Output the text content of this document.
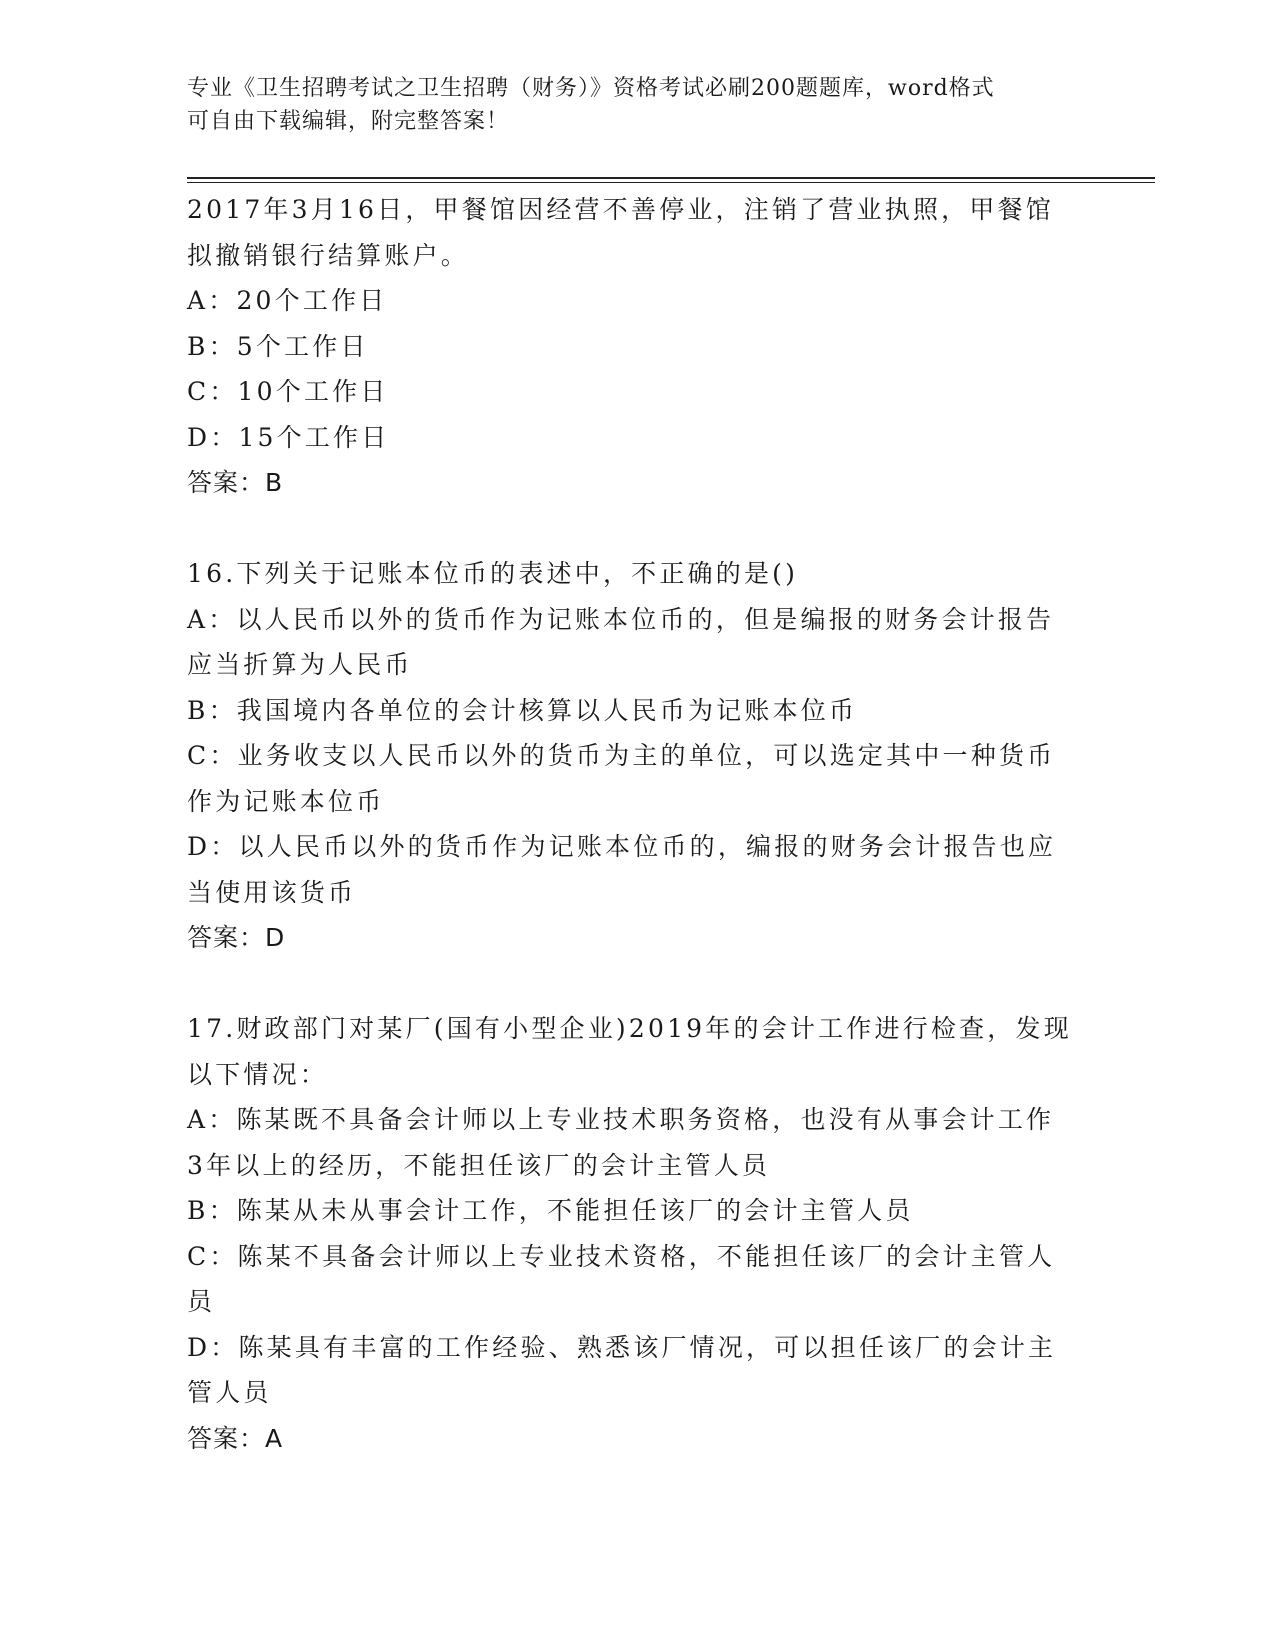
专业《卫生招聘考试之卫生招聘（财务）》资格考试必刷200题题库，word格式
可自由下载编辑，附完整答案！
2017年3月16日，甲餐馆因经营不善停业，注销了营业执照，甲餐馆
拟撤销银行结算账户。
A：20个工作日
B：5个工作日
C：10个工作日
D：15个工作日
答案：B
16.下列关于记账本位币的表述中，不正确的是()
A：以人民币以外的货币作为记账本位币的，但是编报的财务会计报告
应当折算为人民币
B：我国境内各单位的会计核算以人民币为记账本位币
C：业务收支以人民币以外的货币为主的单位，可以选定其中一种货币
作为记账本位币
D：以人民币以外的货币作为记账本位币的，编报的财务会计报告也应
当使用该货币
答案：D
17.财政部门对某厂(国有小型企业)2019年的会计工作进行检查，发现
以下情况：
A：陈某既不具备会计师以上专业技术职务资格，也没有从事会计工作
3年以上的经历，不能担任该厂的会计主管人员
B：陈某从未从事会计工作，不能担任该厂的会计主管人员
C：陈某不具备会计师以上专业技术资格，不能担任该厂的会计主管人
员
D：陈某具有丰富的工作经验、熟悉该厂情况，可以担任该厂的会计主
管人员
答案：A
